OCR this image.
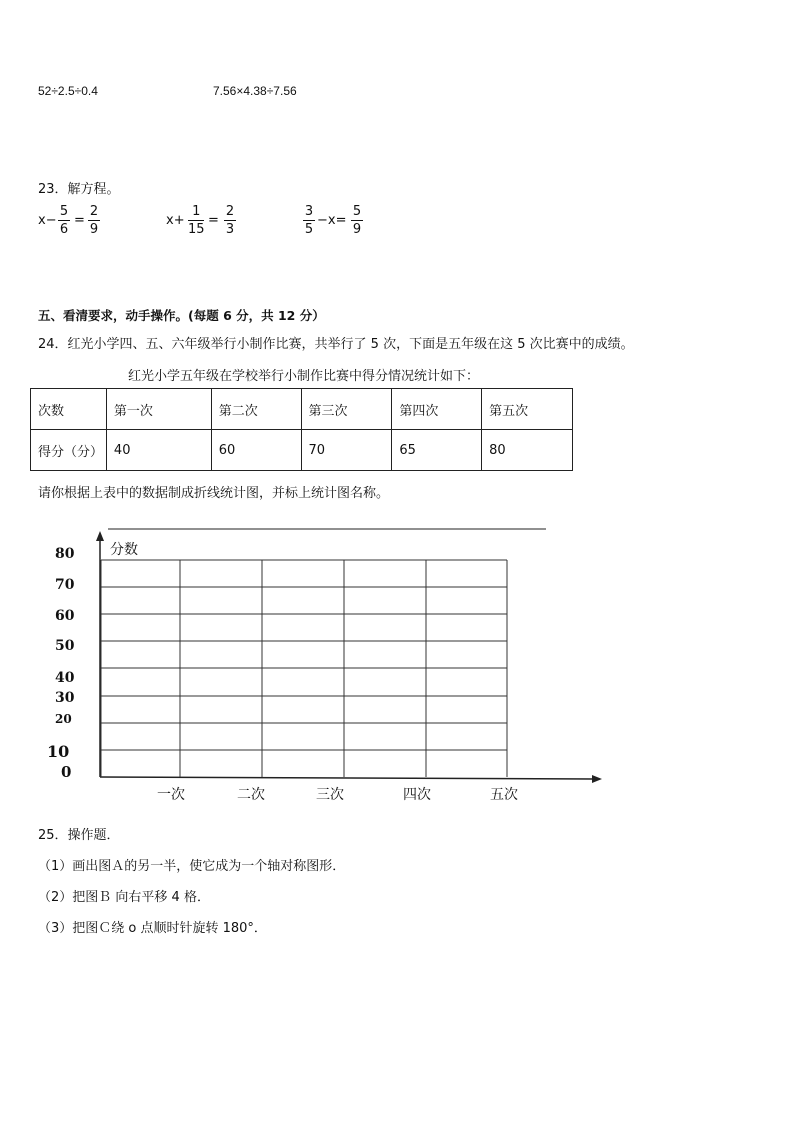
52÷2.5÷0.4	7.56×4.38÷7.56
23．解方程。
x−
5
6
=
2
9
x+
1
15
=
2
3
3
5
−x=
5
9
五、看清要求，动手操作。(每题 6 分，共 12 分）
24．红光小学四、五、六年级举行小制作比赛，共举行了 5 次，下面是五年级在这 5 次比赛中的成绩。
红光小学五年级在学校举行小制作比赛中得分情况统计如下：
次数	第一次	第二次	第三次	第四次	第五次
得分（分）	40	60	70	65	80
请你根据上表中的数据制成折线统计图，并标上统计图名称。
分数
80
70
60
50
40
30
20
10
0
一次	二次	三次	四次	五次
25．操作题．
（1）画出图Ａ的另一半，使它成为一个轴对称图形．
（2）把图Ｂ 向右平移 4 格．
（3）把图Ｃ绕 o 点顺时针旋转 180°．
